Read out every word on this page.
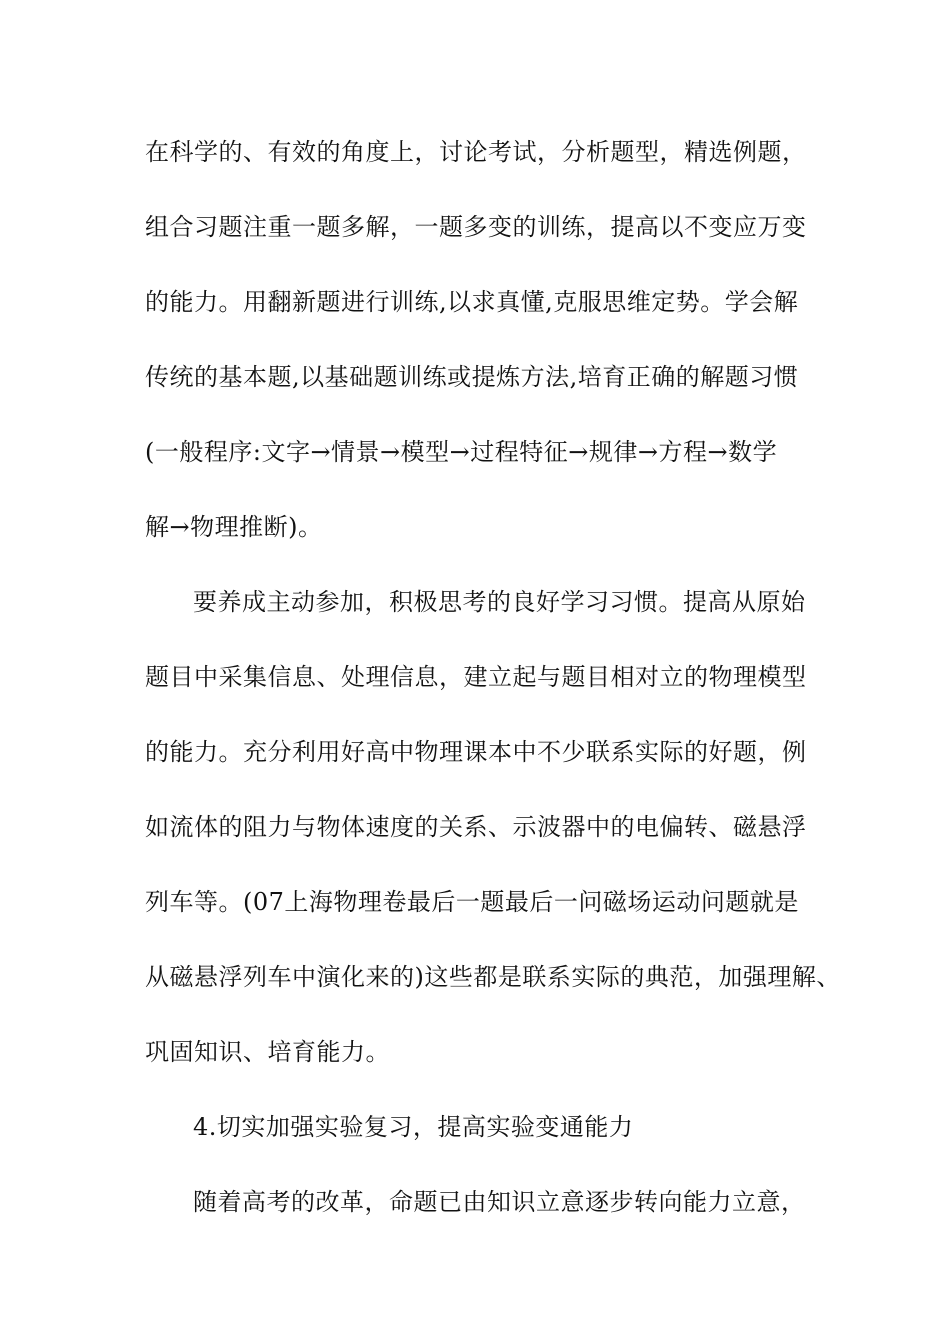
在科学的、有效的角度上，讨论考试，分析题型，精选例题，
组合习题注重一题多解，一题多变的训练，提高以不变应万变
的能力。用翻新题进行训练,以求真懂,克服思维定势。学会解
传统的基本题,以基础题训练或提炼方法,培育正确的解题习惯
(一般程序:文字→情景→模型→过程特征→规律→方程→数学
解→物理推断)。
要养成主动参加，积极思考的良好学习习惯。提高从原始
题目中采集信息、处理信息，建立起与题目相对立的物理模型
的能力。充分利用好高中物理课本中不少联系实际的好题，例
如流体的阻力与物体速度的关系、示波器中的电偏转、磁悬浮
列车等。(07上海物理卷最后一题最后一问磁场运动问题就是
从磁悬浮列车中演化来的)这些都是联系实际的典范，加强理解、
巩固知识、培育能力。
4.切实加强实验复习，提高实验变通能力
随着高考的改革，命题已由知识立意逐步转向能力立意，
